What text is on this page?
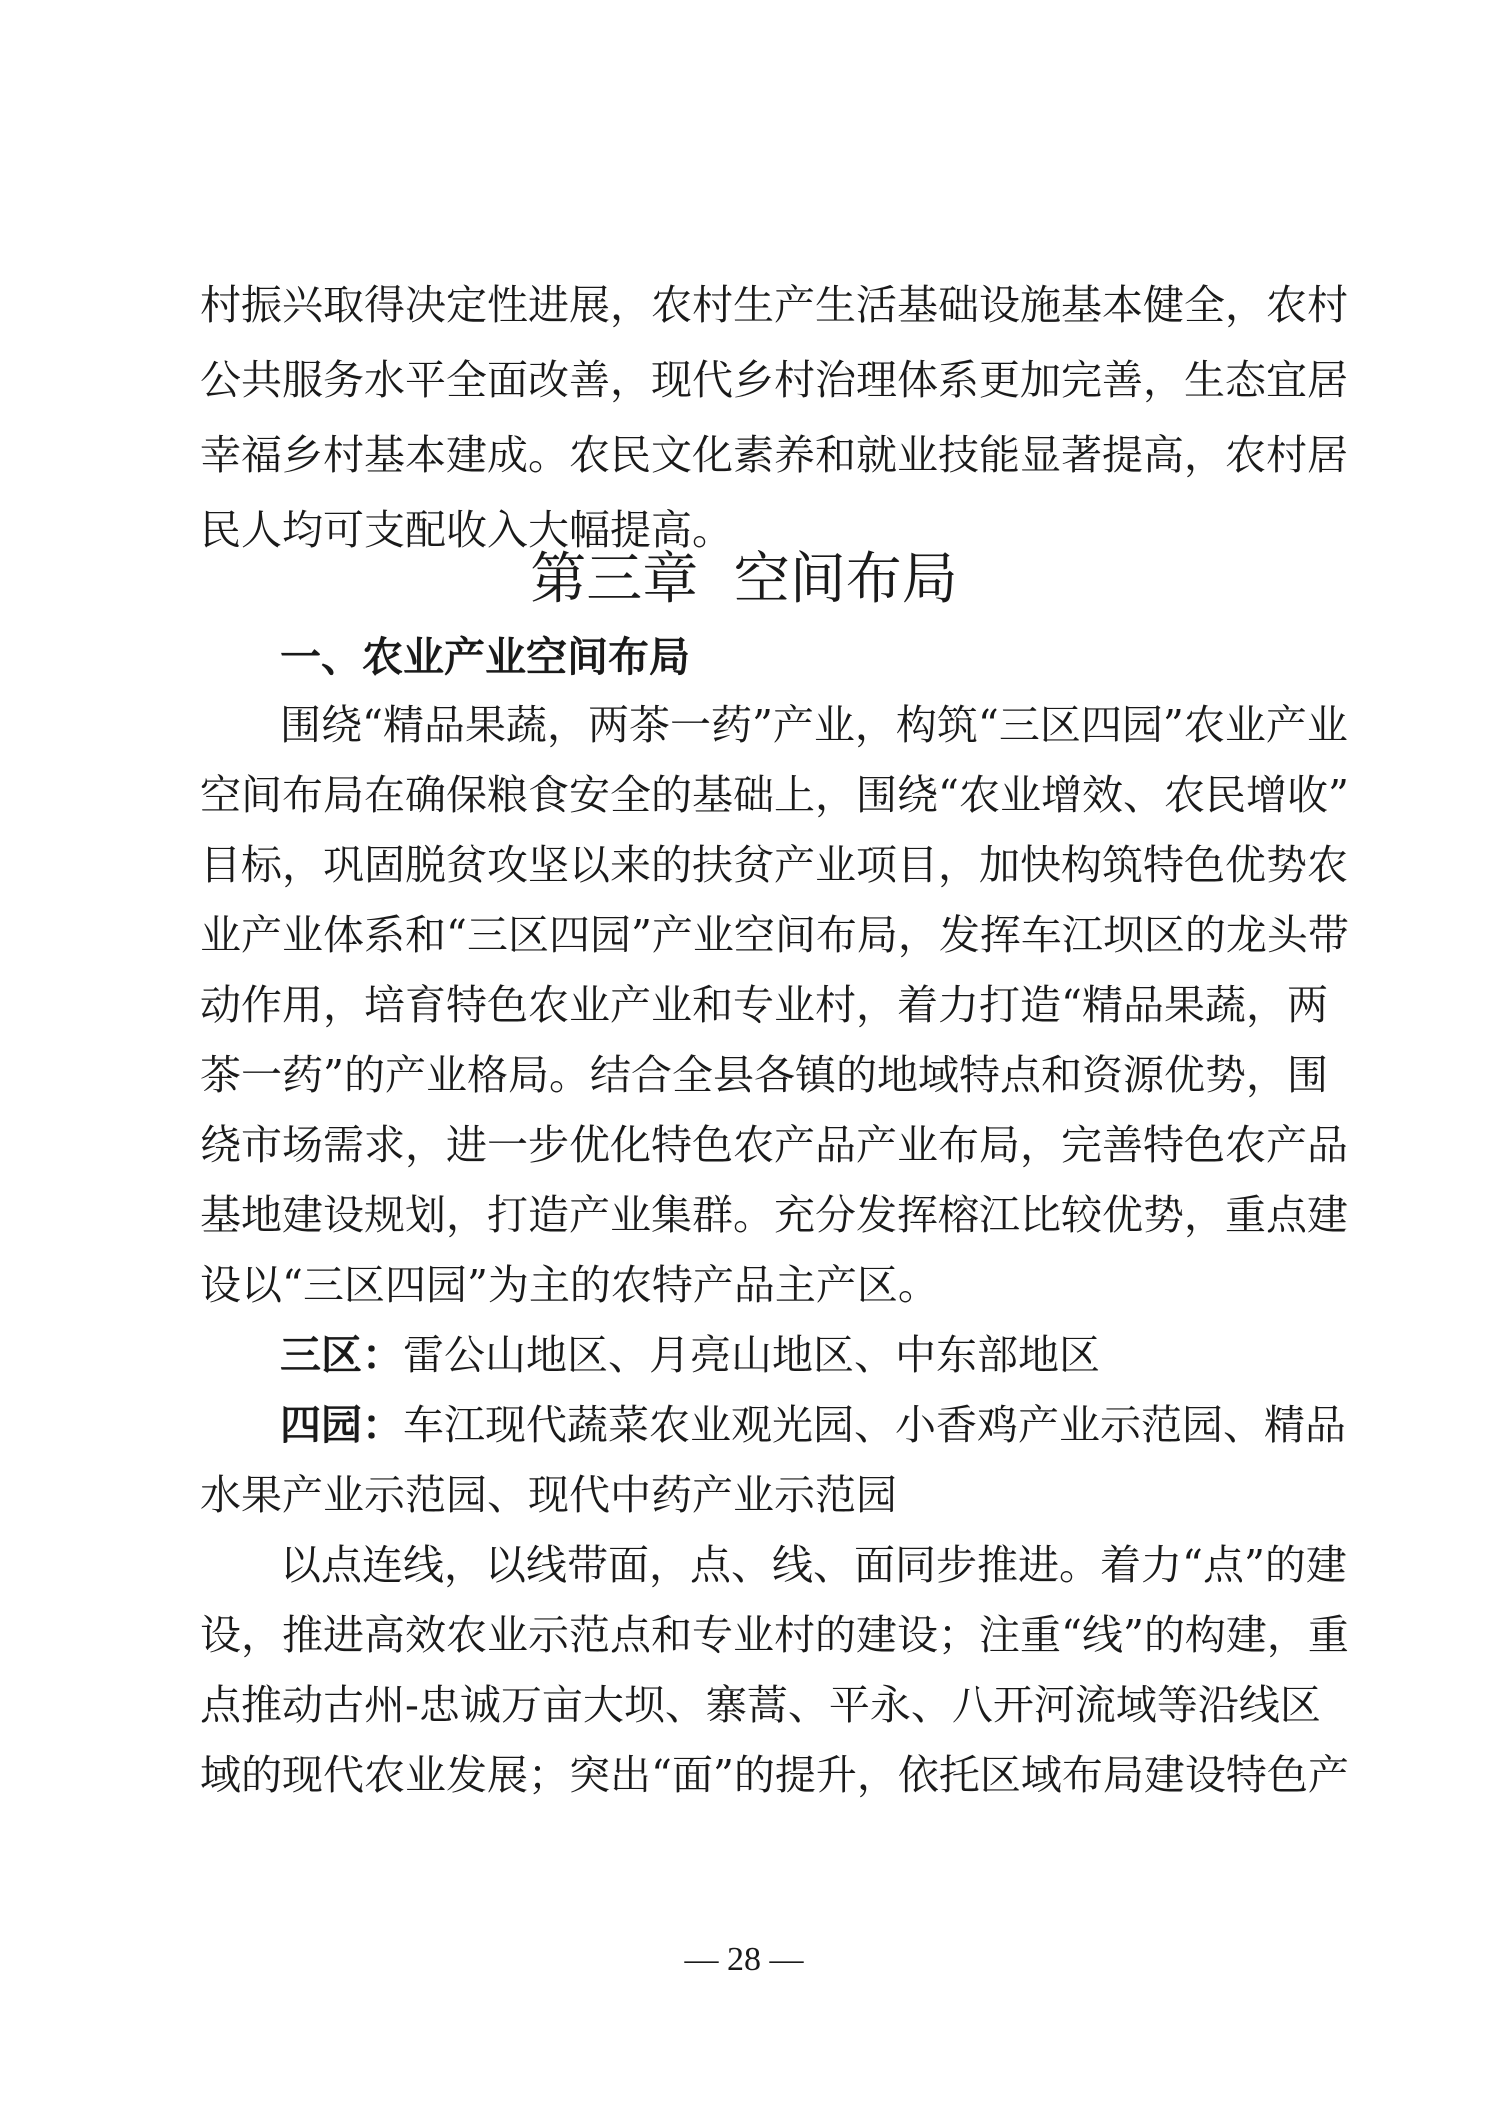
村振兴取得决定性进展，农村生产生活基础设施基本健全，农村
公共服务水平全面改善，现代乡村治理体系更加完善，生态宜居
幸福乡村基本建成。农民文化素养和就业技能显著提高，农村居
民人均可支配收入大幅提高。
第三章  空间布局
一、农业产业空间布局
围绕“精品果蔬，两茶一药”产业，构筑“三区四园”农业产业
空间布局在确保粮食安全的基础上，围绕“农业增效、农民增收”
目标，巩固脱贫攻坚以来的扶贫产业项目，加快构筑特色优势农
业产业体系和“三区四园”产业空间布局，发挥车江坝区的龙头带
动作用，培育特色农业产业和专业村，着力打造“精品果蔬，两
茶一药”的产业格局。结合全县各镇的地域特点和资源优势，围
绕市场需求，进一步优化特色农产品产业布局，完善特色农产品
基地建设规划，打造产业集群。充分发挥榕江比较优势，重点建
设以“三区四园”为主的农特产品主产区。
三区：雷公山地区、月亮山地区、中东部地区
四园：车江现代蔬菜农业观光园、小香鸡产业示范园、精品
水果产业示范园、现代中药产业示范园
以点连线，以线带面，点、线、面同步推进。着力“点”的建
设，推进高效农业示范点和专业村的建设；注重“线”的构建，重
点推动古州-忠诚万亩大坝、寨蒿、平永、八开河流域等沿线区
域的现代农业发展；突出“面”的提升，依托区域布局建设特色产
— 28 —
